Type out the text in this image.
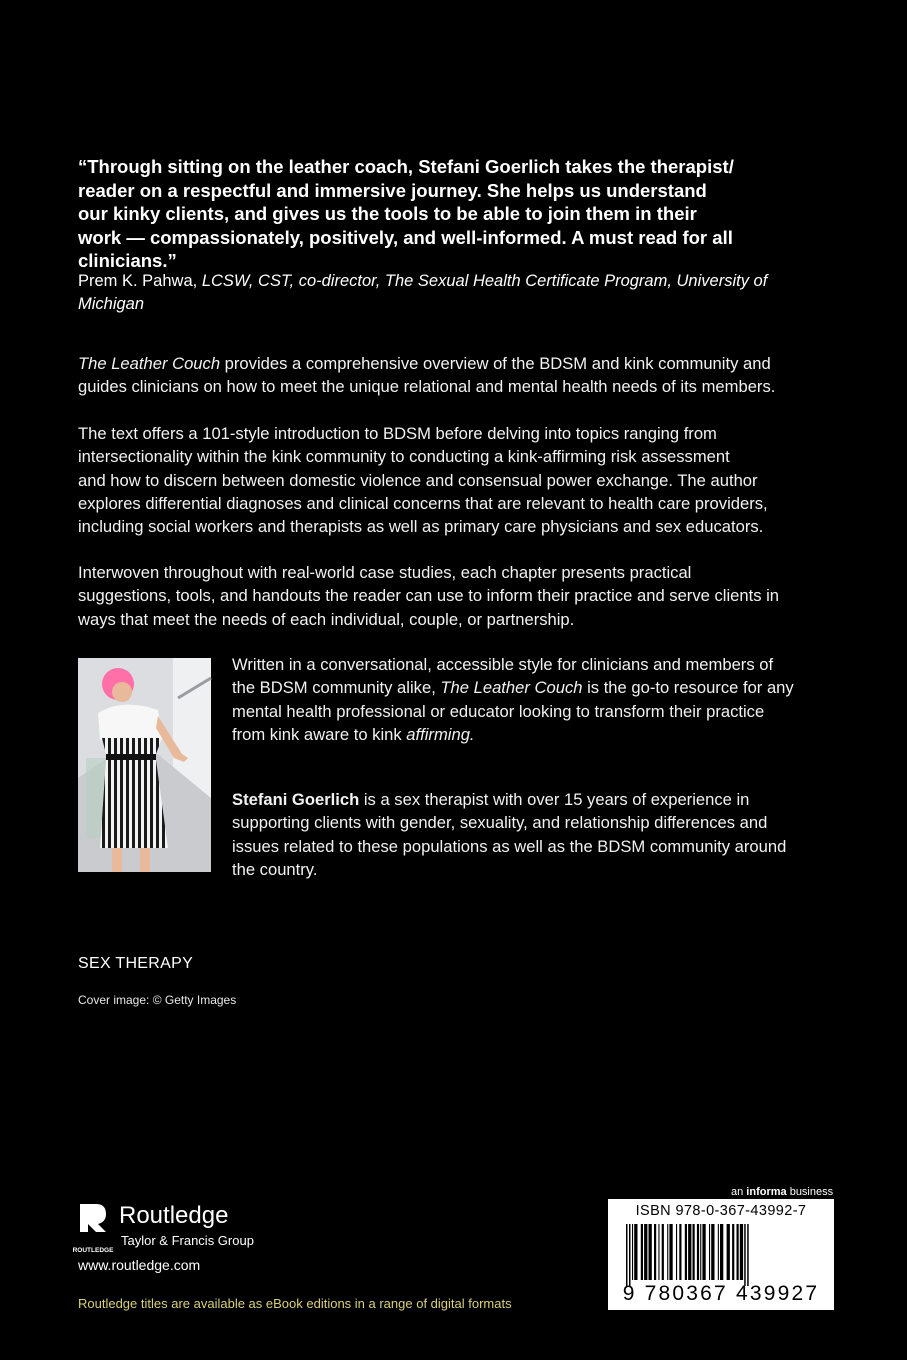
“Through sitting on the leather coach, Stefani Goerlich takes the therapist/
reader on a respectful and immersive journey. She helps us understand
our kinky clients, and gives us the tools to be able to join them in their
work — compassionately, positively, and well-informed. A must read for all
clinicians.”
Prem K. Pahwa, LCSW, CST, co-director, The Sexual Health Certificate Program, University of
Michigan
The Leather Couch provides a comprehensive overview of the BDSM and kink community and
guides clinicians on how to meet the unique relational and mental health needs of its members.
The text offers a 101-style introduction to BDSM before delving into topics ranging from
intersectionality within the kink community to conducting a kink-affirming risk assessment
and how to discern between domestic violence and consensual power exchange. The author
explores differential diagnoses and clinical concerns that are relevant to health care providers,
including social workers and therapists as well as primary care physicians and sex educators.
Interwoven throughout with real-world case studies, each chapter presents practical
suggestions, tools, and handouts the reader can use to inform their practice and serve clients in
ways that meet the needs of each individual, couple, or partnership.
Written in a conversational, accessible style for clinicians and members of
the BDSM community alike, The Leather Couch is the go-to resource for any
mental health professional or educator looking to transform their practice
from kink aware to kink affirming.
Stefani Goerlich is a sex therapist with over 15 years of experience in
supporting clients with gender, sexuality, and relationship differences and
issues related to these populations as well as the BDSM community around
the country.
SEX THERAPY
Cover image: © Getty Images
ROUTLEDGE
Routledge
Taylor & Francis Group
www.routledge.com
Routledge titles are available as eBook editions in a range of digital formats
an informa business
ISBN 978-0-367-43992-7
9 780367 439927
